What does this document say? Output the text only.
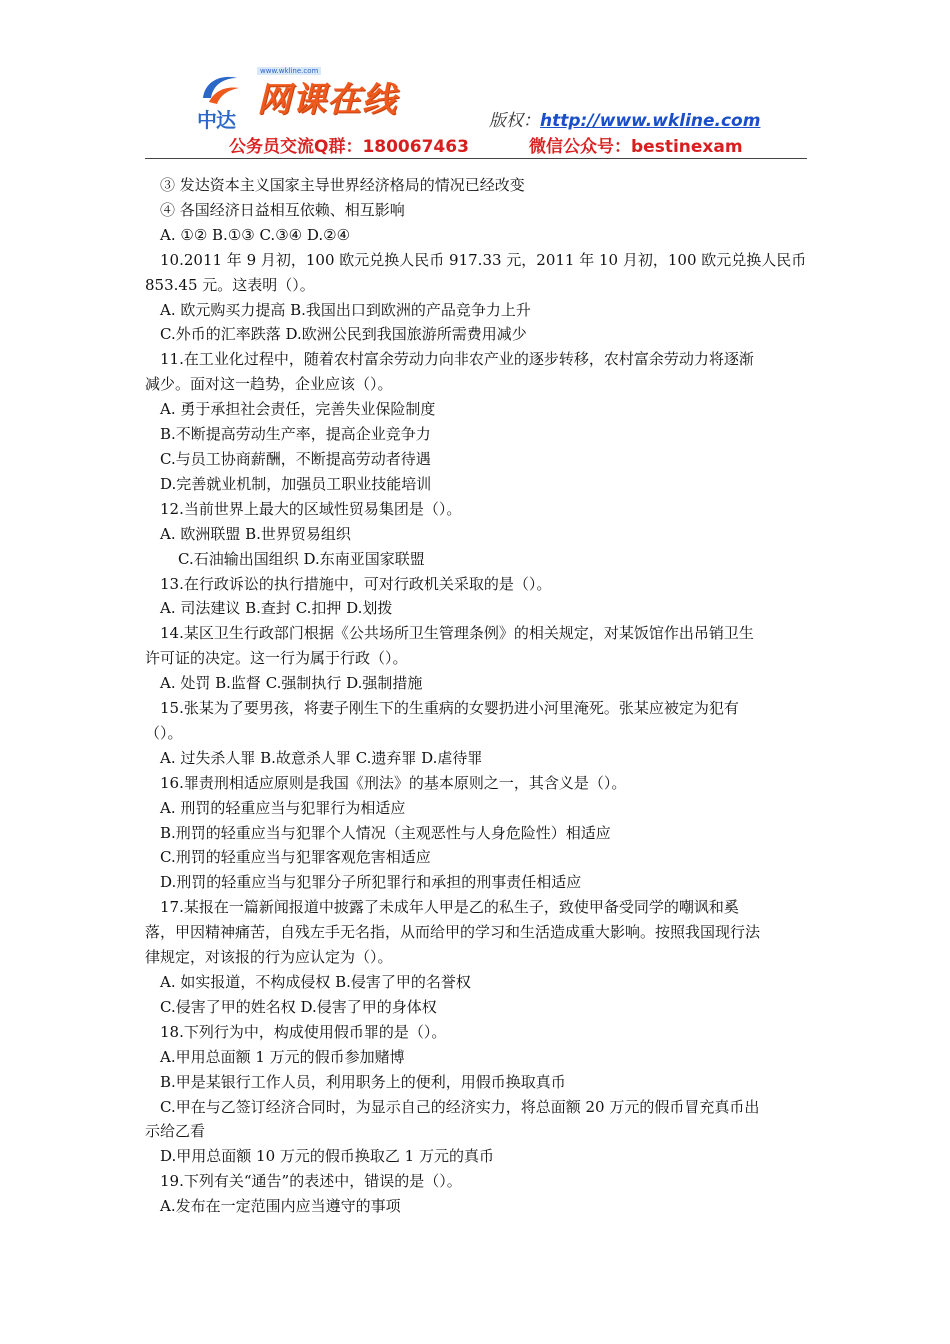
中达
www.wkline.com
网课在线
版权：http://www.wkline.com
公务员交流Q群：180067463	微信公众号：bestinexam

③ 发达资本主义国家主导世界经济格局的情况已经改变

④ 各国经济日益相互依赖、相互影响

A. ①② B.①③ C.③④ D.②④

10.2011 年 9 月初，100 欧元兑换人民币 917.33 元，2011 年 10 月初，100 欧元兑换人民币

853.45 元。这表明（）。

A. 欧元购买力提高 B.我国出口到欧洲的产品竞争力上升

C.外币的汇率跌落 D.欧洲公民到我国旅游所需费用减少

11.在工业化过程中，随着农村富余劳动力向非农产业的逐步转移，农村富余劳动力将逐渐

减少。面对这一趋势，企业应该（）。

A. 勇于承担社会责任，完善失业保险制度

B.不断提高劳动生产率，提高企业竞争力

C.与员工协商薪酬，不断提高劳动者待遇

D.完善就业机制，加强员工职业技能培训

12.当前世界上最大的区域性贸易集团是（）。

A. 欧洲联盟 B.世界贸易组织

C.石油输出国组织 D.东南亚国家联盟

13.在行政诉讼的执行措施中，可对行政机关采取的是（）。

A. 司法建议 B.查封 C.扣押 D.划拨

14.某区卫生行政部门根据《公共场所卫生管理条例》的相关规定，对某饭馆作出吊销卫生

许可证的决定。这一行为属于行政（）。

A. 处罚 B.监督 C.强制执行 D.强制措施

15.张某为了要男孩，将妻子刚生下的生重病的女婴扔进小河里淹死。张某应被定为犯有

（）。

A. 过失杀人罪 B.故意杀人罪 C.遗弃罪 D.虐待罪

16.罪责刑相适应原则是我国《刑法》的基本原则之一，其含义是（）。

A. 刑罚的轻重应当与犯罪行为相适应

B.刑罚的轻重应当与犯罪个人情况（主观恶性与人身危险性）相适应

C.刑罚的轻重应当与犯罪客观危害相适应

D.刑罚的轻重应当与犯罪分子所犯罪行和承担的刑事责任相适应

17.某报在一篇新闻报道中披露了未成年人甲是乙的私生子，致使甲备受同学的嘲讽和奚

落，甲因精神痛苦，自残左手无名指，从而给甲的学习和生活造成重大影响。按照我国现行法

律规定，对该报的行为应认定为（）。

A. 如实报道，不构成侵权 B.侵害了甲的名誉权

C.侵害了甲的姓名权 D.侵害了甲的身体权

18.下列行为中，构成使用假币罪的是（）。

A.甲用总面额 1 万元的假币参加赌博

B.甲是某银行工作人员，利用职务上的便利，用假币换取真币

C.甲在与乙签订经济合同时，为显示自己的经济实力，将总面额 20 万元的假币冒充真币出

示给乙看

D.甲用总面额 10 万元的假币换取乙 1 万元的真币

19.下列有关“通告”的表述中，错误的是（）。

A.发布在一定范围内应当遵守的事项
